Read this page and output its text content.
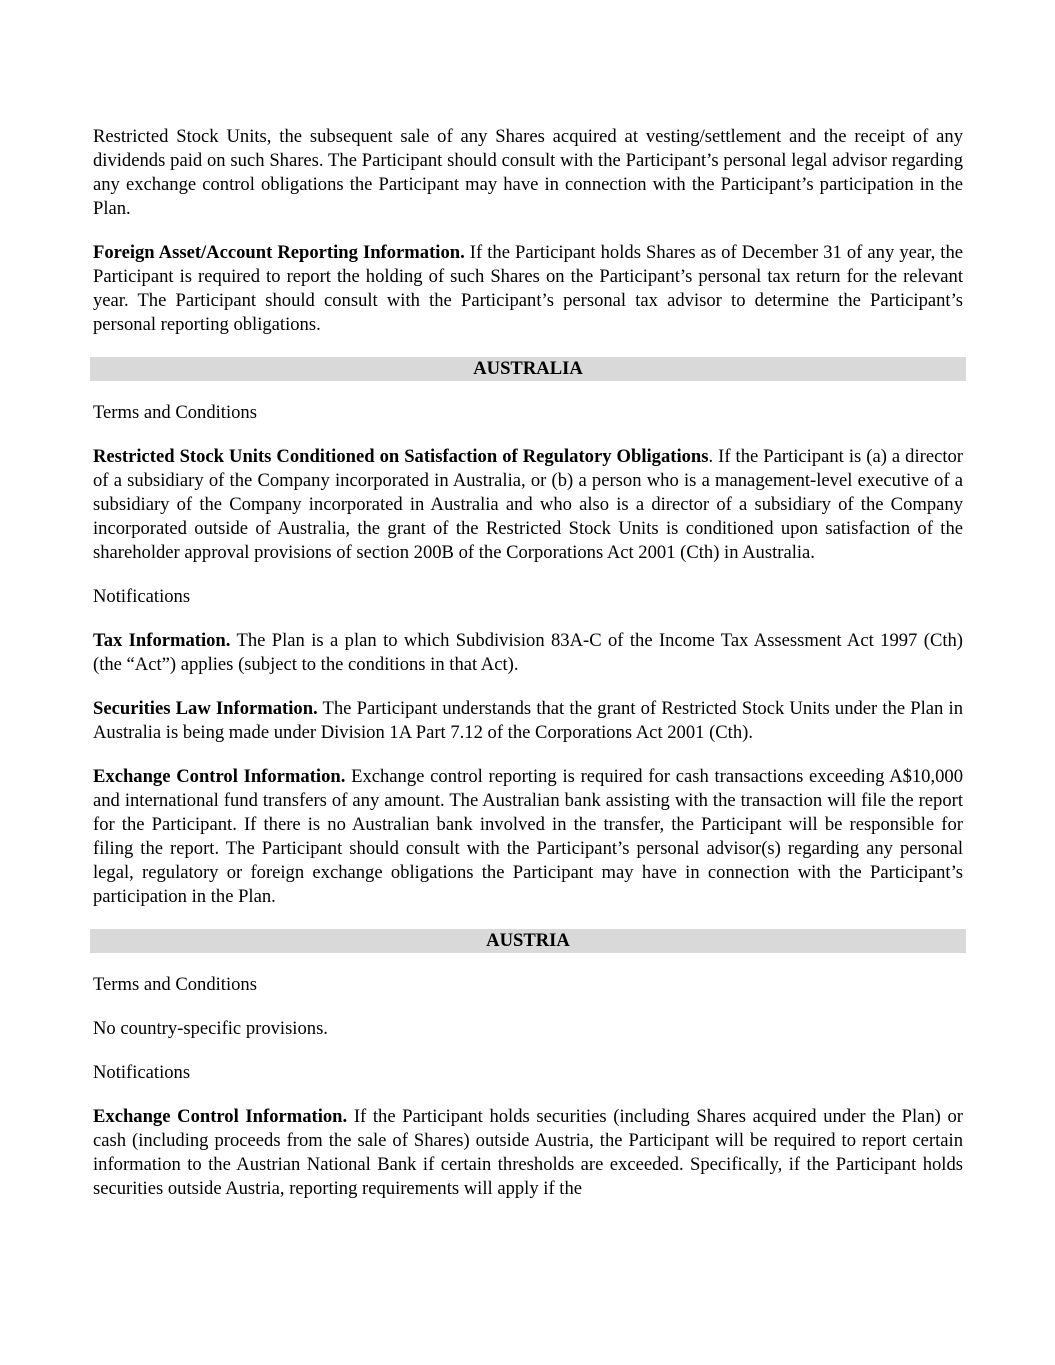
Restricted Stock Units, the subsequent sale of any Shares acquired at vesting/settlement and the receipt of any dividends paid on such Shares. The Participant should consult with the Participant’s personal legal advisor regarding any exchange control obligations the Participant may have in connection with the Participant’s participation in the Plan.

Foreign Asset/Account Reporting Information. If the Participant holds Shares as of December 31 of any year, the Participant is required to report the holding of such Shares on the Participant’s personal tax return for the relevant year. The Participant should consult with the Participant’s personal tax advisor to determine the Participant’s personal reporting obligations.

AUSTRALIA

Terms and Conditions

Restricted Stock Units Conditioned on Satisfaction of Regulatory Obligations. If the Participant is (a) a director of a subsidiary of the Company incorporated in Australia, or (b) a person who is a management-level executive of a subsidiary of the Company incorporated in Australia and who also is a director of a subsidiary of the Company incorporated outside of Australia, the grant of the Restricted Stock Units is conditioned upon satisfaction of the shareholder approval provisions of section 200B of the Corporations Act 2001 (Cth) in Australia.

Notifications

Tax Information. The Plan is a plan to which Subdivision 83A-C of the Income Tax Assessment Act 1997 (Cth) (the “Act”) applies (subject to the conditions in that Act).

Securities Law Information. The Participant understands that the grant of Restricted Stock Units under the Plan in Australia is being made under Division 1A Part 7.12 of the Corporations Act 2001 (Cth).

Exchange Control Information. Exchange control reporting is required for cash transactions exceeding A$10,000 and international fund transfers of any amount. The Australian bank assisting with the transaction will file the report for the Participant. If there is no Australian bank involved in the transfer, the Participant will be responsible for filing the report. The Participant should consult with the Participant’s personal advisor(s) regarding any personal legal, regulatory or foreign exchange obligations the Participant may have in connection with the Participant’s participation in the Plan.

AUSTRIA

Terms and Conditions

No country-specific provisions.

Notifications

Exchange Control Information. If the Participant holds securities (including Shares acquired under the Plan) or cash (including proceeds from the sale of Shares) outside Austria, the Participant will be required to report certain information to the Austrian National Bank if certain thresholds are exceeded. Specifically, if the Participant holds securities outside Austria, reporting requirements will apply if the
